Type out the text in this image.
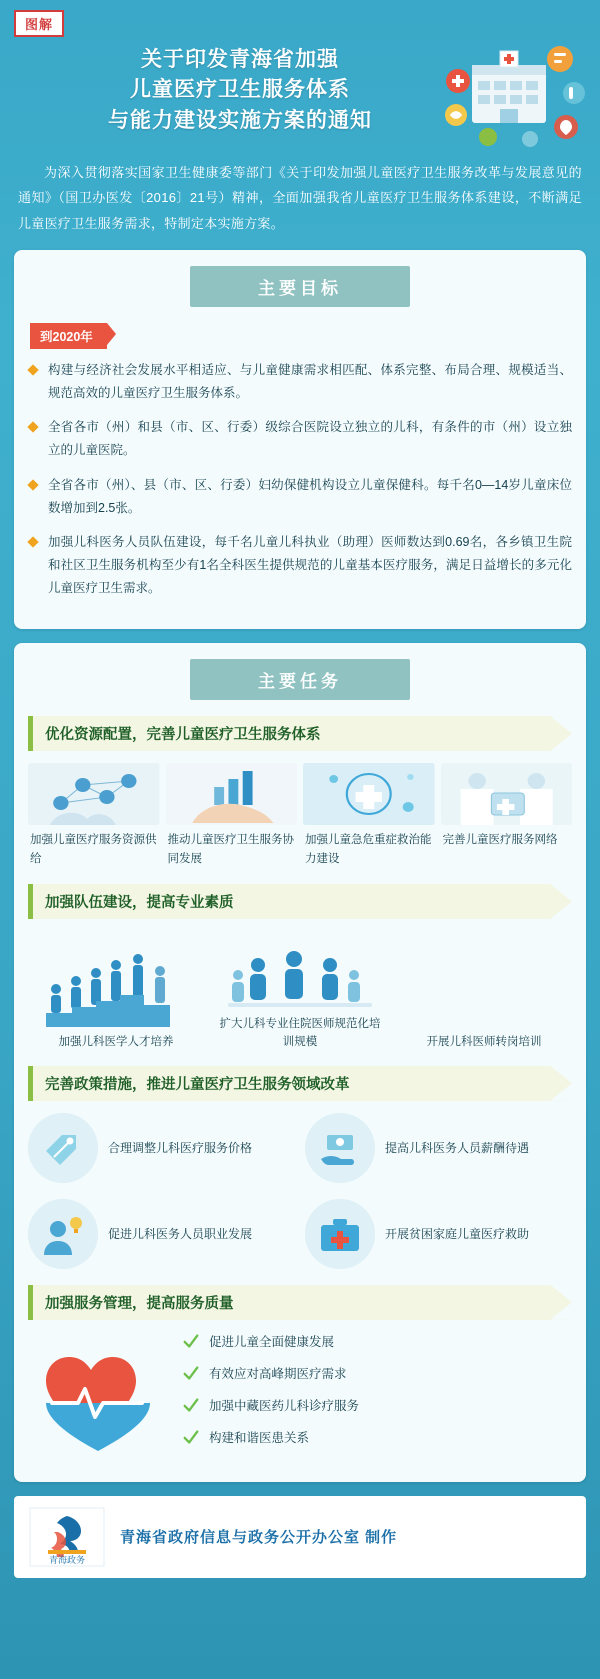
图解
关于印发青海省加强
儿童医疗卫生服务体系
与能力建设实施方案的通知

为深入贯彻落实国家卫生健康委等部门《关于印发加强儿童医疗卫生服务改革与发展意见的通知》（国卫办医发〔2016〕21号）精神，全面加强我省儿童医疗卫生服务体系建设，不断满足儿童医疗卫生服务需求，特制定本实施方案。

主要目标
到2020年
构建与经济社会发展水平相适应、与儿童健康需求相匹配、体系完整、布局合理、规模适当、规范高效的儿童医疗卫生服务体系。
全省各市（州）和县（市、区、行委）级综合医院设立独立的儿科，有条件的市（州）设立独立的儿童医院。
全省各市（州）、县（市、区、行委）妇幼保健机构设立儿童保健科。每千名0—14岁儿童床位数增加到2.5张。
加强儿科医务人员队伍建设，每千名儿童儿科执业（助理）医师数达到0.69名，各乡镇卫生院和社区卫生服务机构至少有1名全科医生提供规范的儿童基本医疗服务，满足日益增长的多元化儿童医疗卫生需求。
主要任务
优化资源配置，完善儿童医疗卫生服务体系
加强儿童医疗服务资源供给
推动儿童医疗卫生服务协同发展
加强儿童急危重症救治能力建设
完善儿童医疗服务网络
加强队伍建设，提高专业素质
加强儿科医学人才培养
扩大儿科专业住院医师规范化培训规模	开展儿科医师转岗培训
完善政策措施，推进儿童医疗卫生服务领域改革
合理调整儿科医疗服务价格	提高儿科医务人员薪酬待遇
促进儿科医务人员职业发展	开展贫困家庭儿童医疗救助
加强服务管理，提高服务质量
促进儿童全面健康发展
有效应对高峰期医疗需求
加强中藏医药儿科诊疗服务
构建和谐医患关系
青海政务
青海省政府信息与政务公开办公室 制作
